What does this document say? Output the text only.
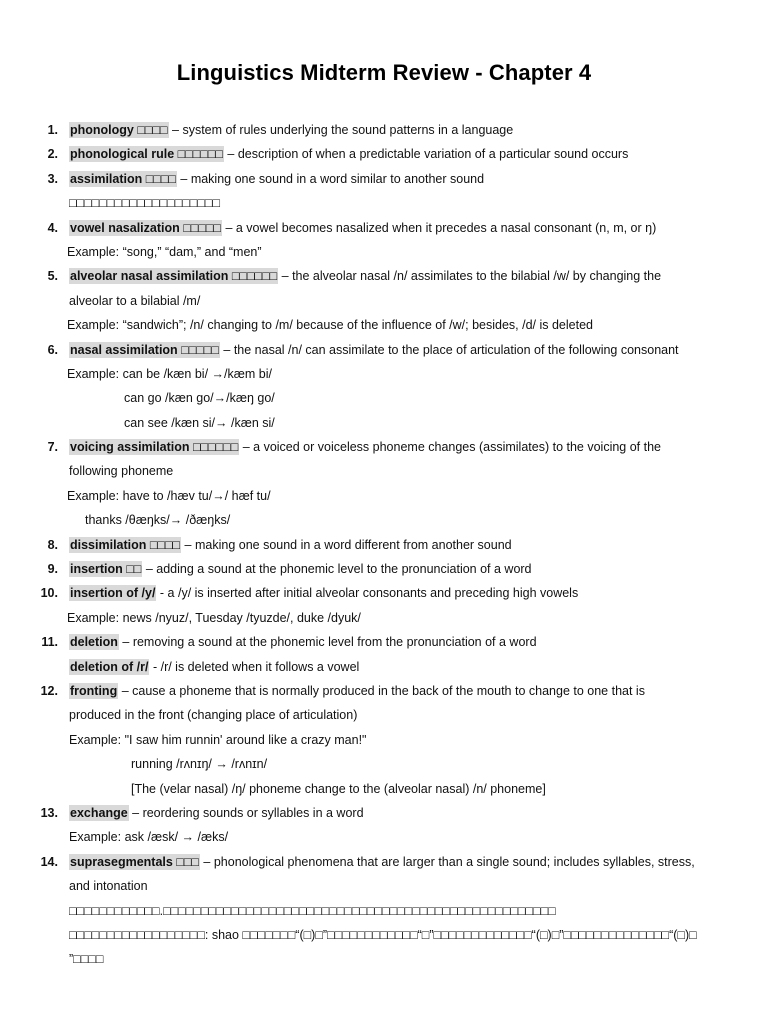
Linguistics Midterm Review - Chapter 4
1. phonology □□□□ – system of rules underlying the sound patterns in a language
2. phonological rule □□□□□□ – description of when a predictable variation of a particular sound occurs
3. assimilation □□□□ – making one sound in a word similar to another sound
□□□□□□□□□□□□□□□□□□□□
4. vowel nasalization □□□□□ – a vowel becomes nasalized when it precedes a nasal consonant (n, m, or ŋ)
Example: “song,” “dam,” and “men”
5. alveolar nasal assimilation □□□□□□ – the alveolar nasal /n/ assimilates to the bilabial /w/ by changing the
alveolar to a bilabial /m/
Example: “sandwich”; /n/ changing to /m/ because of the influence of /w/; besides, /d/ is deleted
6. nasal assimilation □□□□□ – the nasal /n/ can assimilate to the place of articulation of the following consonant
Example: can be /kæn bi/ →/kæm bi/
can go /kæn go/→/kæŋ go/
can see /kæn si/→ /kæn si/
7. voicing assimilation □□□□□□ – a voiced or voiceless phoneme changes (assimilates) to the voicing of the
following phoneme
Example: have to /hæv tu/→/ hæf tu/
thanks /θæŋks/→ /ðæŋks/
8. dissimilation □□□□ – making one sound in a word different from another sound
9. insertion □□ – adding a sound at the phonemic level to the pronunciation of a word
10. insertion of /y/ - a /y/ is inserted after initial alveolar consonants and preceding high vowels
Example: news /nyuz/, Tuesday /tyuzde/, duke /dyuk/
11. deletion – removing a sound at the phonemic level from the pronunciation of a word
deletion of /r/ - /r/ is deleted when it follows a vowel
12. fronting – cause a phoneme that is normally produced in the back of the mouth to change to one that is
produced in the front (changing place of articulation)
Example: "I saw him runnin' around like a crazy man!"
running /rʌnɪŋ/ → /rʌnɪn/
[The (velar nasal) /ŋ/ phoneme change to the (alveolar nasal) /n/ phoneme]
13. exchange – reordering sounds or syllables in a word
Example: ask /æsk/ → /æks/
14. suprasegmentals □□□ – phonological phenomena that are larger than a single sound; includes syllables, stress,
and intonation
□□□□□□□□□□□□.□□□□□□□□□□□□□□□□□□□□□□□□□□□□□□□□□□□□□□□□□□□□□□□□□□□□
□□□□□□□□□□□□□□□□□□: shao □□□□□□□“(□)□”□□□□□□□□□□□□“□”□□□□□□□□□□□□□“(□)□”□□□□□□□□□□□□□□“(□)□
”□□□□
